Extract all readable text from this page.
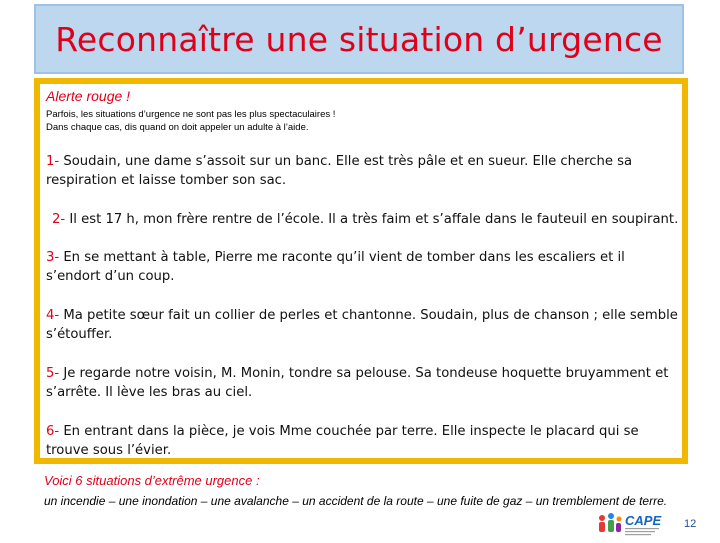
Reconnaître une situation d’urgence
Alerte rouge !
Parfois, les situations d’urgence ne sont pas les plus spectaculaires !
Dans chaque cas, dis quand on doit appeler un adulte à l’aide.
1- Soudain, une dame s’assoit sur un banc. Elle est très pâle et en sueur. Elle cherche sa respiration et laisse tomber son sac.
2- Il est 17 h, mon frère rentre de l’école. Il a très faim et s’affale dans le fauteuil en soupirant.
3- En se mettant à table, Pierre me raconte qu’il vient de tomber dans les escaliers et il s’endort d’un coup.
4- Ma petite sœur fait un collier de perles et chantonne. Soudain, plus de chanson ; elle semble s’étouffer.
5- Je regarde notre voisin, M. Monin, tondre sa pelouse. Sa tondeuse hoquette bruyamment et s’arrête. Il lève les bras au ciel.
6- En entrant dans la pièce, je vois Mme couchée par terre. Elle inspecte le placard qui se trouve sous l’évier.
Voici 6 situations d’extrême urgence :
un incendie – une inondation – une avalanche – un accident de la route – une fuite de gaz – un tremblement de terre.
CAPE 12
